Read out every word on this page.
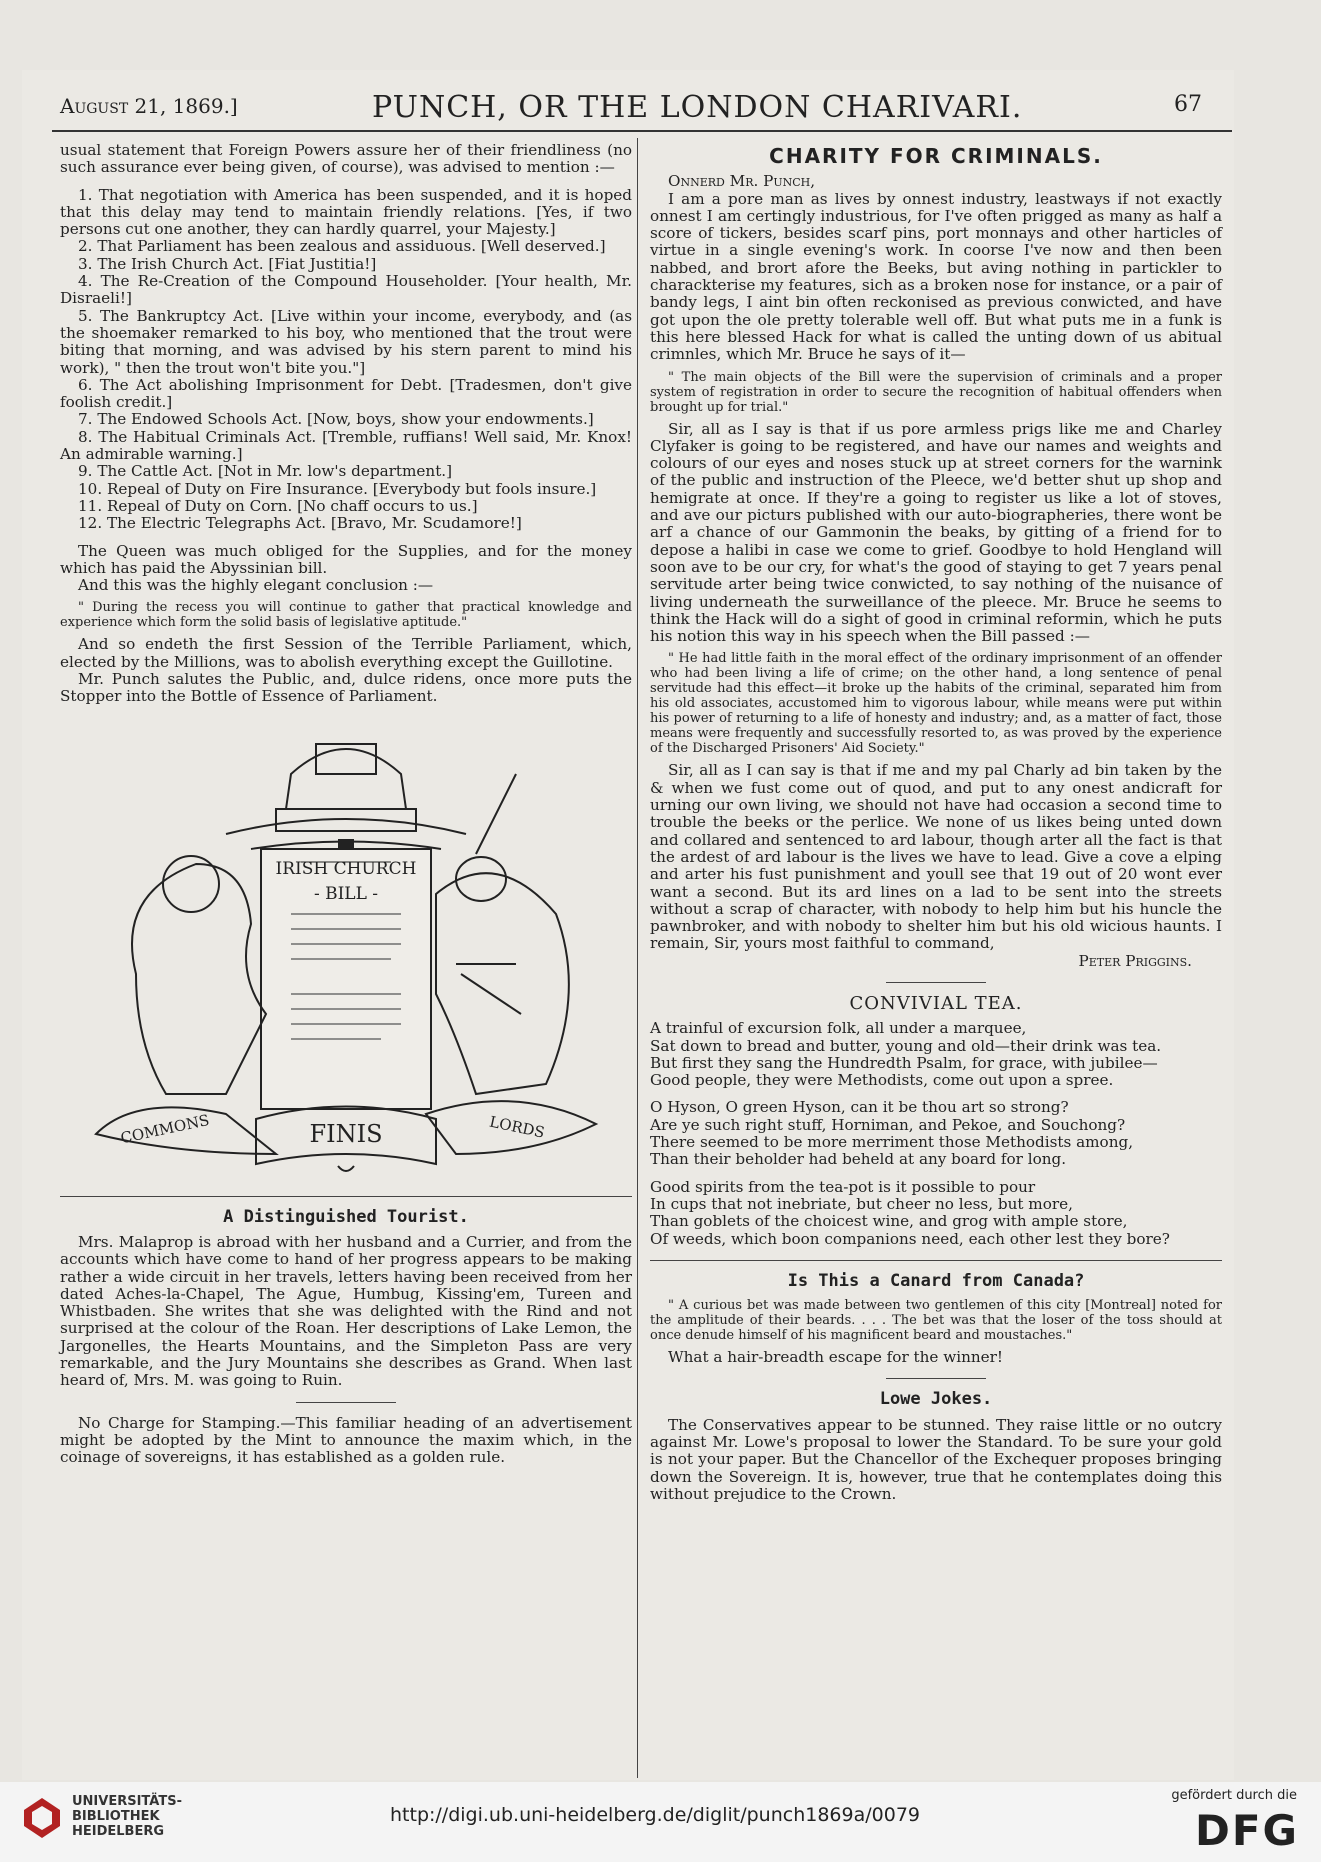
August 21, 1869.]	PUNCH, OR THE LONDON CHARIVARI.	67

usual statement that Foreign Powers assure her of their friendliness (no such assurance ever being given, of course), was advised to mention :—

1. That negotiation with America has been suspended, and it is hoped that this delay may tend to maintain friendly relations. [Yes, if two persons cut one another, they can hardly quarrel, your Majesty.]

2. That Parliament has been zealous and assiduous. [Well deserved.]

3. The Irish Church Act. [Fiat Justitia!]

4. The Re-Creation of the Compound Householder. [Your health, Mr. Disraeli!]

5. The Bankruptcy Act. [Live within your income, everybody, and (as the shoemaker remarked to his boy, who mentioned that the trout were biting that morning, and was advised by his stern parent to mind his work), " then the trout won't bite you."]

6. The Act abolishing Imprisonment for Debt. [Tradesmen, don't give foolish credit.]

7. The Endowed Schools Act. [Now, boys, show your endowments.]

8. The Habitual Criminals Act. [Tremble, ruffians! Well said, Mr. Knox! An admirable warning.]

9. The Cattle Act. [Not in Mr. low's department.]

10. Repeal of Duty on Fire Insurance. [Everybody but fools insure.]

11. Repeal of Duty on Corn. [No chaff occurs to us.]

12. The Electric Telegraphs Act. [Bravo, Mr. Scudamore!]

The Queen was much obliged for the Supplies, and for the money which has paid the Abyssinian bill.

And this was the highly elegant conclusion :—

" During the recess you will continue to gather that practical knowledge and experience which form the solid basis of legislative aptitude."

And so endeth the first Session of the Terrible Parliament, which, elected by the Millions, was to abolish everything except the Guillotine.

Mr. Punch salutes the Public, and, dulce ridens, once more puts the Stopper into the Bottle of Essence of Parliament.

IRISH CHURCH
- BILL -
COMMONS	FINIS	LORDS
A Distinguished Tourist.

Mrs. Malaprop is abroad with her husband and a Currier, and from the accounts which have come to hand of her progress appears to be making rather a wide circuit in her travels, letters having been received from her dated Aches-la-Chapel, The Ague, Humbug, Kissing'em, Tureen and Whistbaden. She writes that she was delighted with the Rind and not surprised at the colour of the Roan. Her descriptions of Lake Lemon, the Jargonelles, the Hearts Mountains, and the Simpleton Pass are very remarkable, and the Jury Mountains she describes as Grand. When last heard of, Mrs. M. was going to Ruin.

No Charge for Stamping.—This familiar heading of an advertisement might be adopted by the Mint to announce the maxim which, in the coinage of sovereigns, it has established as a golden rule.

CHARITY FOR CRIMINALS.

Onnerd Mr. Punch,

I am a pore man as lives by onnest industry, leastways if not exactly onnest I am certingly industrious, for I've often prigged as many as half a score of tickers, besides scarf pins, port monnays and other harticles of virtue in a single evening's work. In coorse I've now and then been nabbed, and brort afore the Beeks, but aving nothing in partickler to charackterise my features, sich as a broken nose for instance, or a pair of bandy legs, I aint bin often reckonised as previous conwicted, and have got upon the ole pretty tolerable well off. But what puts me in a funk is this here blessed Hack for what is called the unting down of us abitual crimnles, which Mr. Bruce he says of it—

" The main objects of the Bill were the supervision of criminals and a proper system of registration in order to secure the recognition of habitual offenders when brought up for trial."

Sir, all as I say is that if us pore armless prigs like me and Charley Clyfaker is going to be registered, and have our names and weights and colours of our eyes and noses stuck up at street corners for the warnink of the public and instruction of the Pleece, we'd better shut up shop and hemigrate at once. If they're a going to register us like a lot of stoves, and ave our picturs published with our auto-biographeries, there wont be arf a chance of our Gammonin the beaks, by gitting of a friend for to depose a halibi in case we come to grief. Goodbye to hold Hengland will soon ave to be our cry, for what's the good of staying to get 7 years penal servitude arter being twice conwicted, to say nothing of the nuisance of living underneath the surweillance of the pleece. Mr. Bruce he seems to think the Hack will do a sight of good in criminal reformin, which he puts his notion this way in his speech when the Bill passed :—

" He had little faith in the moral effect of the ordinary imprisonment of an offender who had been living a life of crime; on the other hand, a long sentence of penal servitude had this effect—it broke up the habits of the criminal, separated him from his old associates, accustomed him to vigorous labour, while means were put within his power of returning to a life of honesty and industry; and, as a matter of fact, those means were frequently and successfully resorted to, as was proved by the experience of the Discharged Prisoners' Aid Society."

Sir, all as I can say is that if me and my pal Charly ad bin taken by the & when we fust come out of quod, and put to any onest andicraft for urning our own living, we should not have had occasion a second time to trouble the beeks or the perlice. We none of us likes being unted down and collared and sentenced to ard labour, though arter all the fact is that the ardest of ard labour is the lives we have to lead. Give a cove a elping and arter his fust punishment and youll see that 19 out of 20 wont ever want a second. But its ard lines on a lad to be sent into the streets without a scrap of character, with nobody to help him but his huncle the pawnbroker, and with nobody to shelter him but his old wicious haunts. I remain, Sir, yours most faithful to command,

Peter Priggins.

CONVIVIAL TEA.

A trainful of excursion folk, all under a marquee,

Sat down to bread and butter, young and old—their drink was tea.

But first they sang the Hundredth Psalm, for grace, with jubilee—

Good people, they were Methodists, come out upon a spree.

O Hyson, O green Hyson, can it be thou art so strong?

Are ye such right stuff, Horniman, and Pekoe, and Souchong?

There seemed to be more merriment those Methodists among,

Than their beholder had beheld at any board for long.

Good spirits from the tea-pot is it possible to pour

In cups that not inebriate, but cheer no less, but more,

Than goblets of the choicest wine, and grog with ample store,

Of weeds, which boon companions need, each other lest they bore?

Is This a Canard from Canada?

" A curious bet was made between two gentlemen of this city [Montreal] noted for the amplitude of their beards. . . . The bet was that the loser of the toss should at once denude himself of his magnificent beard and moustaches."

What a hair-breadth escape for the winner!

Lowe Jokes.

The Conservatives appear to be stunned. They raise little or no outcry against Mr. Lowe's proposal to lower the Standard. To be sure your gold is not your paper. But the Chancellor of the Exchequer proposes bringing down the Sovereign. It is, however, true that he contemplates doing this without prejudice to the Crown.

UNIVERSITÄTS-
BIBLIOTHEK
HEIDELBERG
http://digi.ub.uni-heidelberg.de/diglit/punch1869a/0079
gefördert durch die
DFG
